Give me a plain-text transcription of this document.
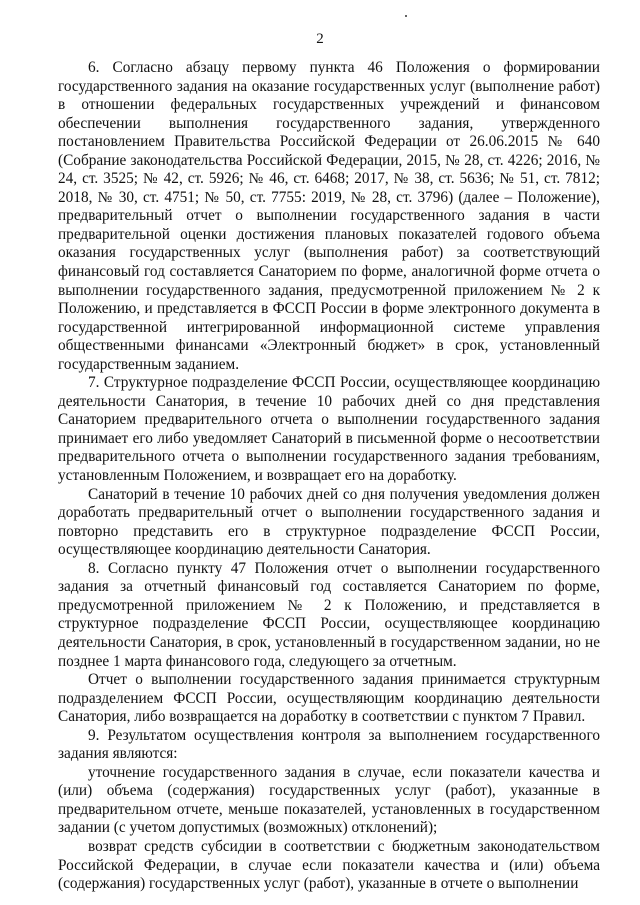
2

6. Согласно абзацу первому пункта 46 Положения о формировании государственного задания на оказание государственных услуг (выполнение работ) в отношении федеральных государственных учреждений и финансовом обеспечении выполнения государственного задания, утвержденного постановлением Правительства Российской Федерации от 26.06.2015 № 640 (Собрание законодательства Российской Федерации, 2015, № 28, ст. 4226; 2016, № 24, ст. 3525; № 42, ст. 5926; № 46, ст. 6468; 2017, № 38, ст. 5636; № 51, ст. 7812; 2018, № 30, ст. 4751; № 50, ст. 7755: 2019, № 28, ст. 3796) (далее – Положение), предварительный отчет о выполнении государственного задания в части предварительной оценки достижения плановых показателей годового объема оказания государственных услуг (выполнения работ) за соответствующий финансовый год составляется Санаторием по форме, аналогичной форме отчета о выполнении государственного задания, предусмотренной приложением № 2 к Положению, и представляется в ФССП России в форме электронного документа в государственной интегрированной информационной системе управления общественными финансами «Электронный бюджет» в срок, установленный государственным заданием.

7. Структурное подразделение ФССП России, осуществляющее координацию деятельности Санатория, в течение 10 рабочих дней со дня представления Санаторием предварительного отчета о выполнении государственного задания принимает его либо уведомляет Санаторий в письменной форме о несоответствии предварительного отчета о выполнении государственного задания требованиям, установленным Положением, и возвращает его на доработку.

Санаторий в течение 10 рабочих дней со дня получения уведомления должен доработать предварительный отчет о выполнении государственного задания и повторно представить его в структурное подразделение ФССП России, осуществляющее координацию деятельности Санатория.

8. Согласно пункту 47 Положения отчет о выполнении государственного задания за отчетный финансовый год составляется Санаторием по форме, предусмотренной приложением № 2 к Положению, и представляется в структурное подразделение ФССП России, осуществляющее координацию деятельности Санатория, в срок, установленный в государственном задании, но не позднее 1 марта финансового года, следующего за отчетным.

Отчет о выполнении государственного задания принимается структурным подразделением ФССП России, осуществляющим координацию деятельности Санатория, либо возвращается на доработку в соответствии с пунктом 7 Правил.

9. Результатом осуществления контроля за выполнением государственного задания являются:

уточнение государственного задания в случае, если показатели качества и (или) объема (содержания) государственных услуг (работ), указанные в предварительном отчете, меньше показателей, установленных в государственном задании (с учетом допустимых (возможных) отклонений);

возврат средств субсидии в соответствии с бюджетным законодательством Российской Федерации, в случае если показатели качества и (или) объема (содержания) государственных услуг (работ), указанные в отчете о выполнении
